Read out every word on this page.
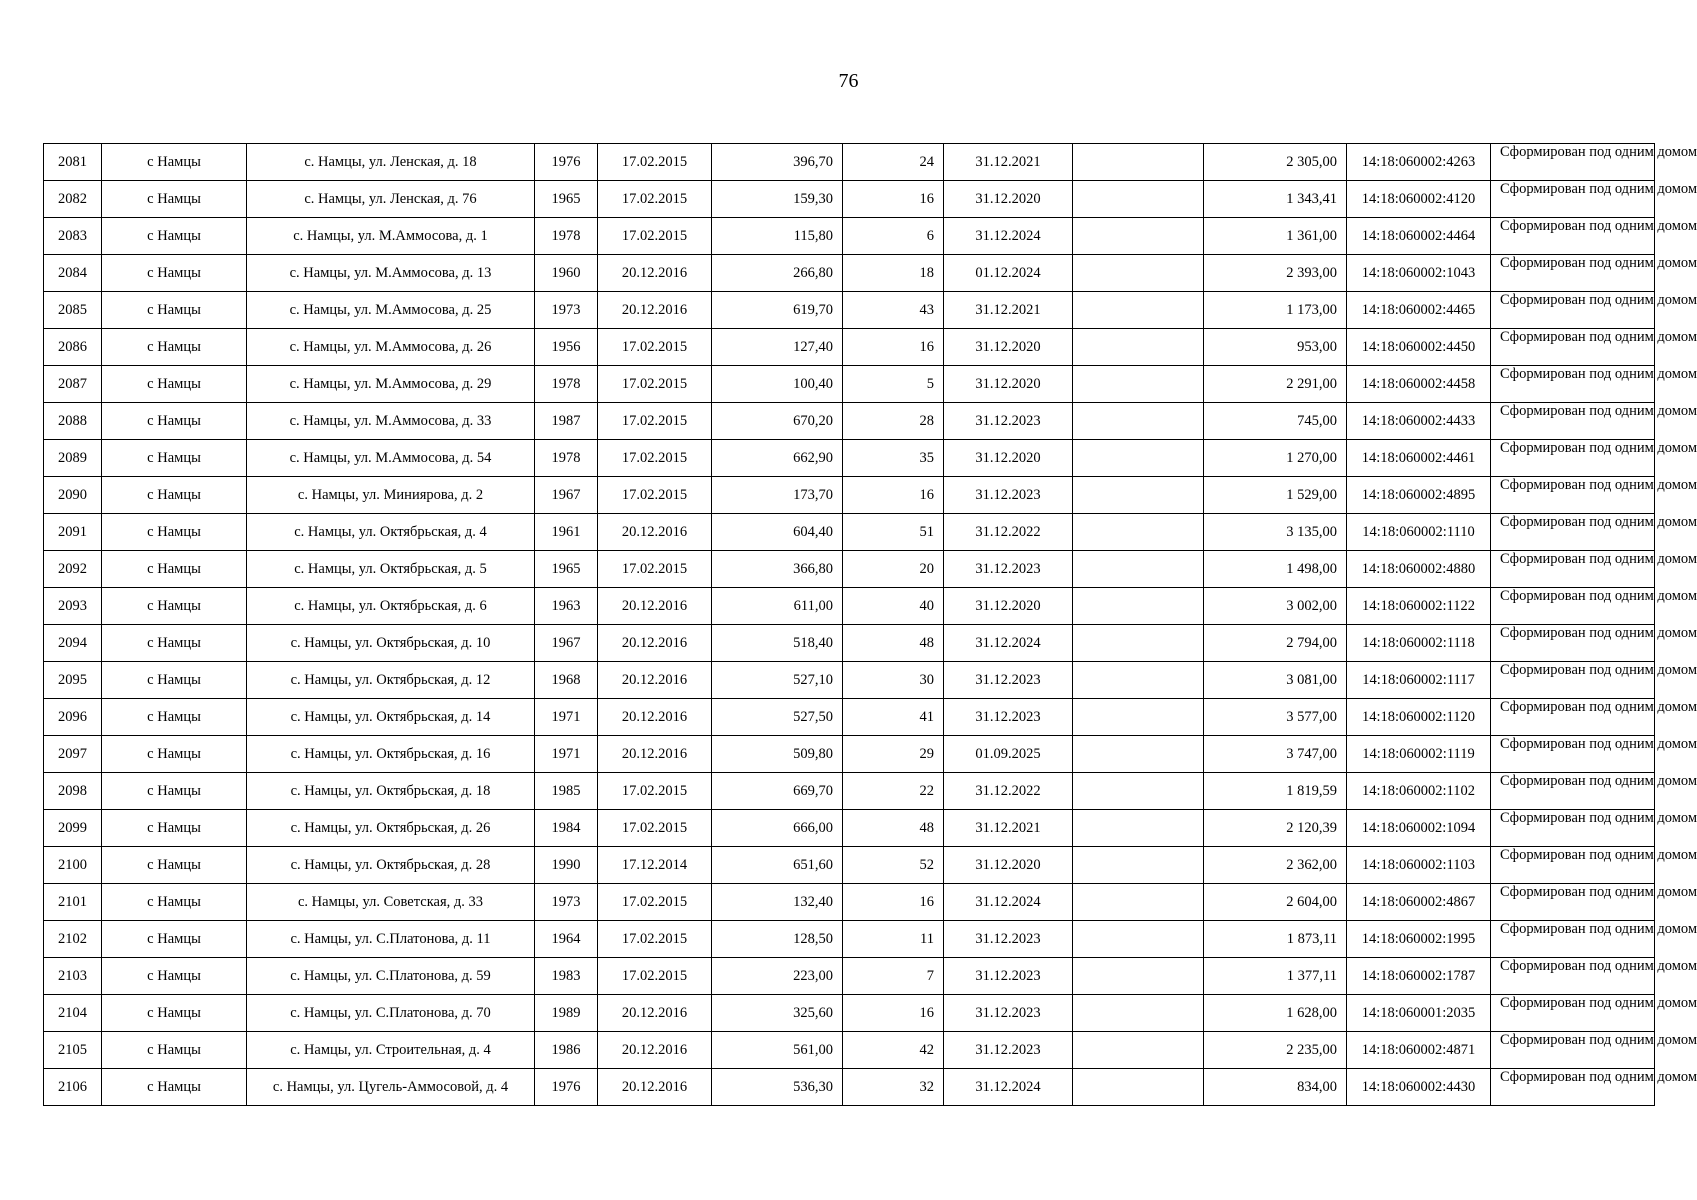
76
2081	с Намцы	с. Намцы, ул. Ленская, д. 18	1976	17.02.2015	396,70	24	31.12.2021		2 305,00	14:18:060002:4263	Сформирован под одним домом
2082	с Намцы	с. Намцы, ул. Ленская, д. 76	1965	17.02.2015	159,30	16	31.12.2020		1 343,41	14:18:060002:4120	Сформирован под одним домом
2083	с Намцы	с. Намцы, ул. М.Аммосова, д. 1	1978	17.02.2015	115,80	6	31.12.2024		1 361,00	14:18:060002:4464	Сформирован под одним домом
2084	с Намцы	с. Намцы, ул. М.Аммосова, д. 13	1960	20.12.2016	266,80	18	01.12.2024		2 393,00	14:18:060002:1043	Сформирован под одним домом
2085	с Намцы	с. Намцы, ул. М.Аммосова, д. 25	1973	20.12.2016	619,70	43	31.12.2021		1 173,00	14:18:060002:4465	Сформирован под одним домом
2086	с Намцы	с. Намцы, ул. М.Аммосова, д. 26	1956	17.02.2015	127,40	16	31.12.2020		953,00	14:18:060002:4450	Сформирован под одним домом
2087	с Намцы	с. Намцы, ул. М.Аммосова, д. 29	1978	17.02.2015	100,40	5	31.12.2020		2 291,00	14:18:060002:4458	Сформирован под одним домом
2088	с Намцы	с. Намцы, ул. М.Аммосова, д. 33	1987	17.02.2015	670,20	28	31.12.2023		745,00	14:18:060002:4433	Сформирован под одним домом
2089	с Намцы	с. Намцы, ул. М.Аммосова, д. 54	1978	17.02.2015	662,90	35	31.12.2020		1 270,00	14:18:060002:4461	Сформирован под одним домом
2090	с Намцы	с. Намцы, ул. Миниярова, д. 2	1967	17.02.2015	173,70	16	31.12.2023		1 529,00	14:18:060002:4895	Сформирован под одним домом
2091	с Намцы	с. Намцы, ул. Октябрьская, д. 4	1961	20.12.2016	604,40	51	31.12.2022		3 135,00	14:18:060002:1110	Сформирован под одним домом
2092	с Намцы	с. Намцы, ул. Октябрьская, д. 5	1965	17.02.2015	366,80	20	31.12.2023		1 498,00	14:18:060002:4880	Сформирован под одним домом
2093	с Намцы	с. Намцы, ул. Октябрьская, д. 6	1963	20.12.2016	611,00	40	31.12.2020		3 002,00	14:18:060002:1122	Сформирован под одним домом
2094	с Намцы	с. Намцы, ул. Октябрьская, д. 10	1967	20.12.2016	518,40	48	31.12.2024		2 794,00	14:18:060002:1118	Сформирован под одним домом
2095	с Намцы	с. Намцы, ул. Октябрьская, д. 12	1968	20.12.2016	527,10	30	31.12.2023		3 081,00	14:18:060002:1117	Сформирован под одним домом
2096	с Намцы	с. Намцы, ул. Октябрьская, д. 14	1971	20.12.2016	527,50	41	31.12.2023		3 577,00	14:18:060002:1120	Сформирован под одним домом
2097	с Намцы	с. Намцы, ул. Октябрьская, д. 16	1971	20.12.2016	509,80	29	01.09.2025		3 747,00	14:18:060002:1119	Сформирован под одним домом
2098	с Намцы	с. Намцы, ул. Октябрьская, д. 18	1985	17.02.2015	669,70	22	31.12.2022		1 819,59	14:18:060002:1102	Сформирован под одним домом
2099	с Намцы	с. Намцы, ул. Октябрьская, д. 26	1984	17.02.2015	666,00	48	31.12.2021		2 120,39	14:18:060002:1094	Сформирован под одним домом
2100	с Намцы	с. Намцы, ул. Октябрьская, д. 28	1990	17.12.2014	651,60	52	31.12.2020		2 362,00	14:18:060002:1103	Сформирован под одним домом
2101	с Намцы	с. Намцы, ул. Советская, д. 33	1973	17.02.2015	132,40	16	31.12.2024		2 604,00	14:18:060002:4867	Сформирован под одним домом
2102	с Намцы	с. Намцы, ул. С.Платонова, д. 11	1964	17.02.2015	128,50	11	31.12.2023		1 873,11	14:18:060002:1995	Сформирован под одним домом
2103	с Намцы	с. Намцы, ул. С.Платонова, д. 59	1983	17.02.2015	223,00	7	31.12.2023		1 377,11	14:18:060002:1787	Сформирован под одним домом
2104	с Намцы	с. Намцы, ул. С.Платонова, д. 70	1989	20.12.2016	325,60	16	31.12.2023		1 628,00	14:18:060001:2035	Сформирован под одним домом
2105	с Намцы	с. Намцы, ул. Строительная, д. 4	1986	20.12.2016	561,00	42	31.12.2023		2 235,00	14:18:060002:4871	Сформирован под одним домом
2106	с Намцы	с. Намцы, ул. Цугель-Аммосовой, д. 4	1976	20.12.2016	536,30	32	31.12.2024		834,00	14:18:060002:4430	Сформирован под одним домом
